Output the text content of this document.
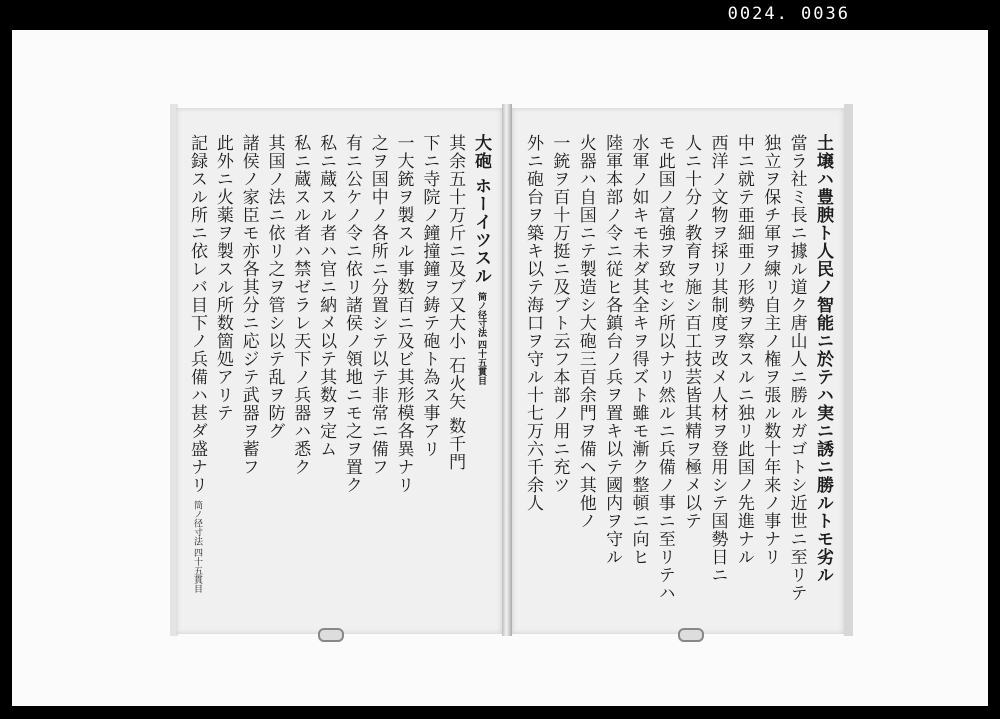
0024. 0036
大砲 ホーイツスル 筒ノ径寸法 四十五貫目
其余五十万斤ニ及ブ又大小 石火矢 数千門
下ニ寺院ノ鐘撞鐘ヲ鋳テ砲ト為ス事アリ
一大銃ヲ製スル事数百ニ及ビ其形模各異ナリ
之ヲ国中ノ各所ニ分置シテ以テ非常ニ備フ
有ニ公ケノ令ニ依リ諸侯ノ領地ニモ之ヲ置ク
私ニ蔵スル者ハ官ニ納メ以テ其数ヲ定ム
私ニ蔵スル者ハ禁ゼラレ天下ノ兵器ハ悉ク
其国ノ法ニ依リ之ヲ管シ以テ乱ヲ防グ
諸侯ノ家臣モ亦各其分ニ応ジテ武器ヲ蓄フ
此外ニ火薬ヲ製スル所数箇処アリテ
記録スル所ニ依レバ目下ノ兵備ハ甚ダ盛ナリ 筒ノ径寸法 四十五貫目	土壌ハ豊腴ト人民ノ智能ニ於テハ実ニ誘ニ勝ルトモ劣ル
當ラ社ミ長ニ據ル道ク唐山人ニ勝ルガゴトシ近世ニ至リテ
独立ヲ保チ軍ヲ練リ自主ノ権ヲ張ル数十年来ノ事ナリ
中ニ就テ亜細亜ノ形勢ヲ察スルニ独リ此国ノ先進ナル
西洋ノ文物ヲ採リ其制度ヲ改メ人材ヲ登用シテ国勢日ニ
人ニ十分ノ教育ヲ施シ百工技芸皆其精ヲ極メ以テ
モ此国ノ富強ヲ致セシ所以ナリ然ルニ兵備ノ事ニ至リテハ
水軍ノ如キモ未ダ其全キヲ得ズト雖モ漸ク整頓ニ向ヒ
陸軍本部ノ令ニ従ヒ各鎮台ノ兵ヲ置キ以テ國内ヲ守ル
火器ハ自国ニテ製造シ大砲三百余門ヲ備ヘ其他ノ
一銃ヲ百十万挺ニ及ブト云フ本部ノ用ニ充ツ
外ニ砲台ヲ築キ以テ海口ヲ守ル十七万六千余人
